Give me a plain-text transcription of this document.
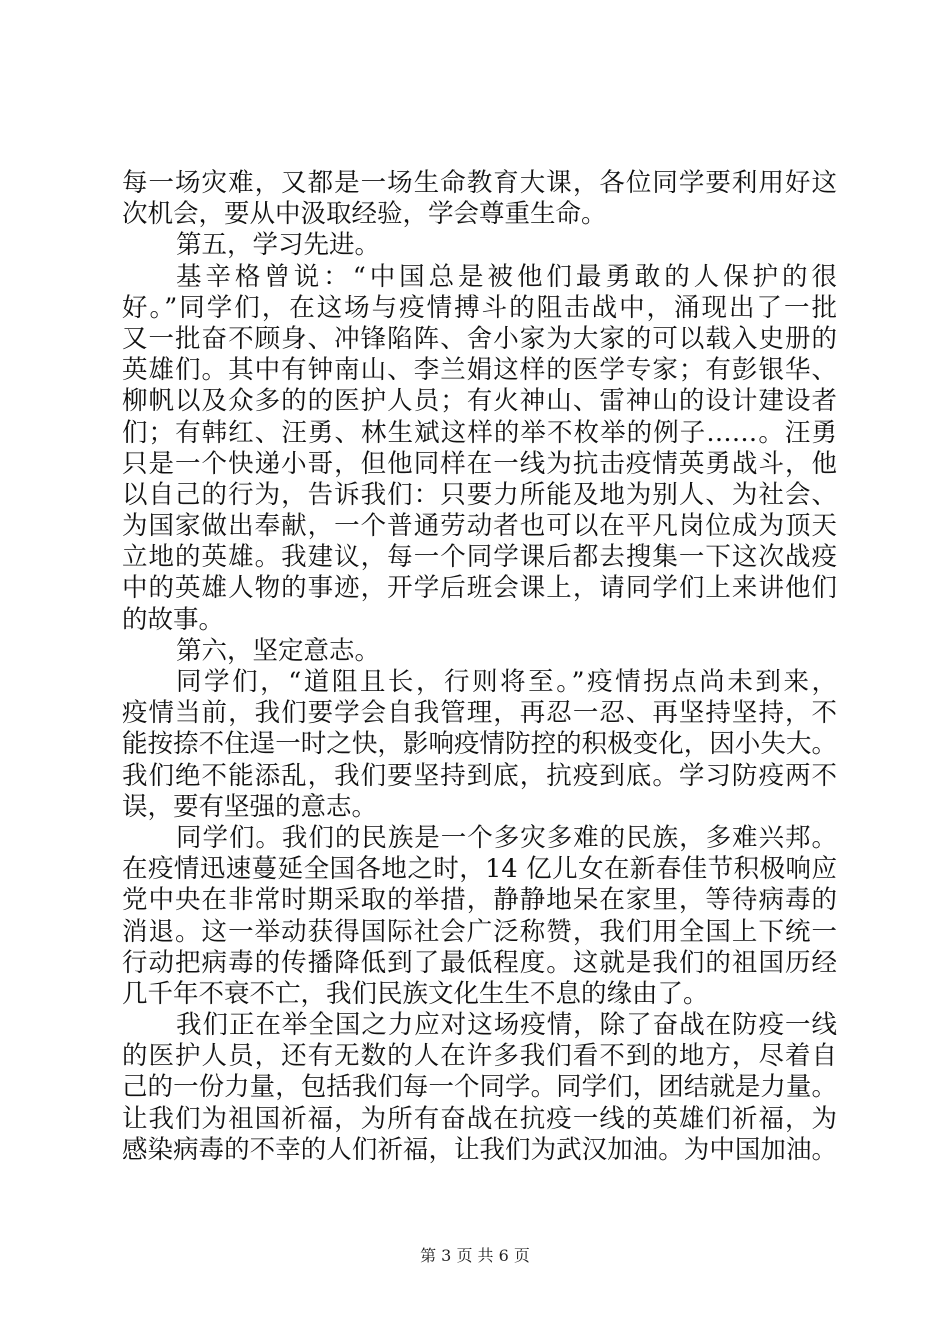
每一场灾难，又都是一场生命教育大课，各位同学要利用好这
次机会，要从中汲取经验，学会尊重生命。
第五，学习先进。
基辛格曾说：“中国总是被他们最勇敢的人保护的很
好。”同学们，在这场与疫情搏斗的阻击战中，涌现出了一批
又一批奋不顾身、冲锋陷阵、舍小家为大家的可以载入史册的
英雄们。其中有钟南山、李兰娟这样的医学专家；有彭银华、
柳帆以及众多的的医护人员；有火神山、雷神山的设计建设者
们；有韩红、汪勇、林生斌这样的举不枚举的例子……。汪勇
只是一个快递小哥，但他同样在一线为抗击疫情英勇战斗，他
以自己的行为，告诉我们：只要力所能及地为别人、为社会、
为国家做出奉献，一个普通劳动者也可以在平凡岗位成为顶天
立地的英雄。我建议，每一个同学课后都去搜集一下这次战疫
中的英雄人物的事迹，开学后班会课上，请同学们上来讲他们
的故事。
第六，坚定意志。
同学们，“道阻且长，行则将至。”疫情拐点尚未到来，
疫情当前，我们要学会自我管理，再忍一忍、再坚持坚持，不
能按捺不住逞一时之快，影响疫情防控的积极变化，因小失大。
我们绝不能添乱，我们要坚持到底，抗疫到底。学习防疫两不
误，要有坚强的意志。
同学们。我们的民族是一个多灾多难的民族，多难兴邦。
在疫情迅速蔓延全国各地之时，14 亿儿女在新春佳节积极响应
党中央在非常时期采取的举措，静静地呆在家里，等待病毒的
消退。这一举动获得国际社会广泛称赞，我们用全国上下统一
行动把病毒的传播降低到了最低程度。这就是我们的祖国历经
几千年不衰不亡，我们民族文化生生不息的缘由了。
我们正在举全国之力应对这场疫情，除了奋战在防疫一线
的医护人员，还有无数的人在许多我们看不到的地方，尽着自
己的一份力量，包括我们每一个同学。同学们，团结就是力量。
让我们为祖国祈福，为所有奋战在抗疫一线的英雄们祈福，为
感染病毒的不幸的人们祈福，让我们为武汉加油。为中国加油。
第 3 页 共 6 页
